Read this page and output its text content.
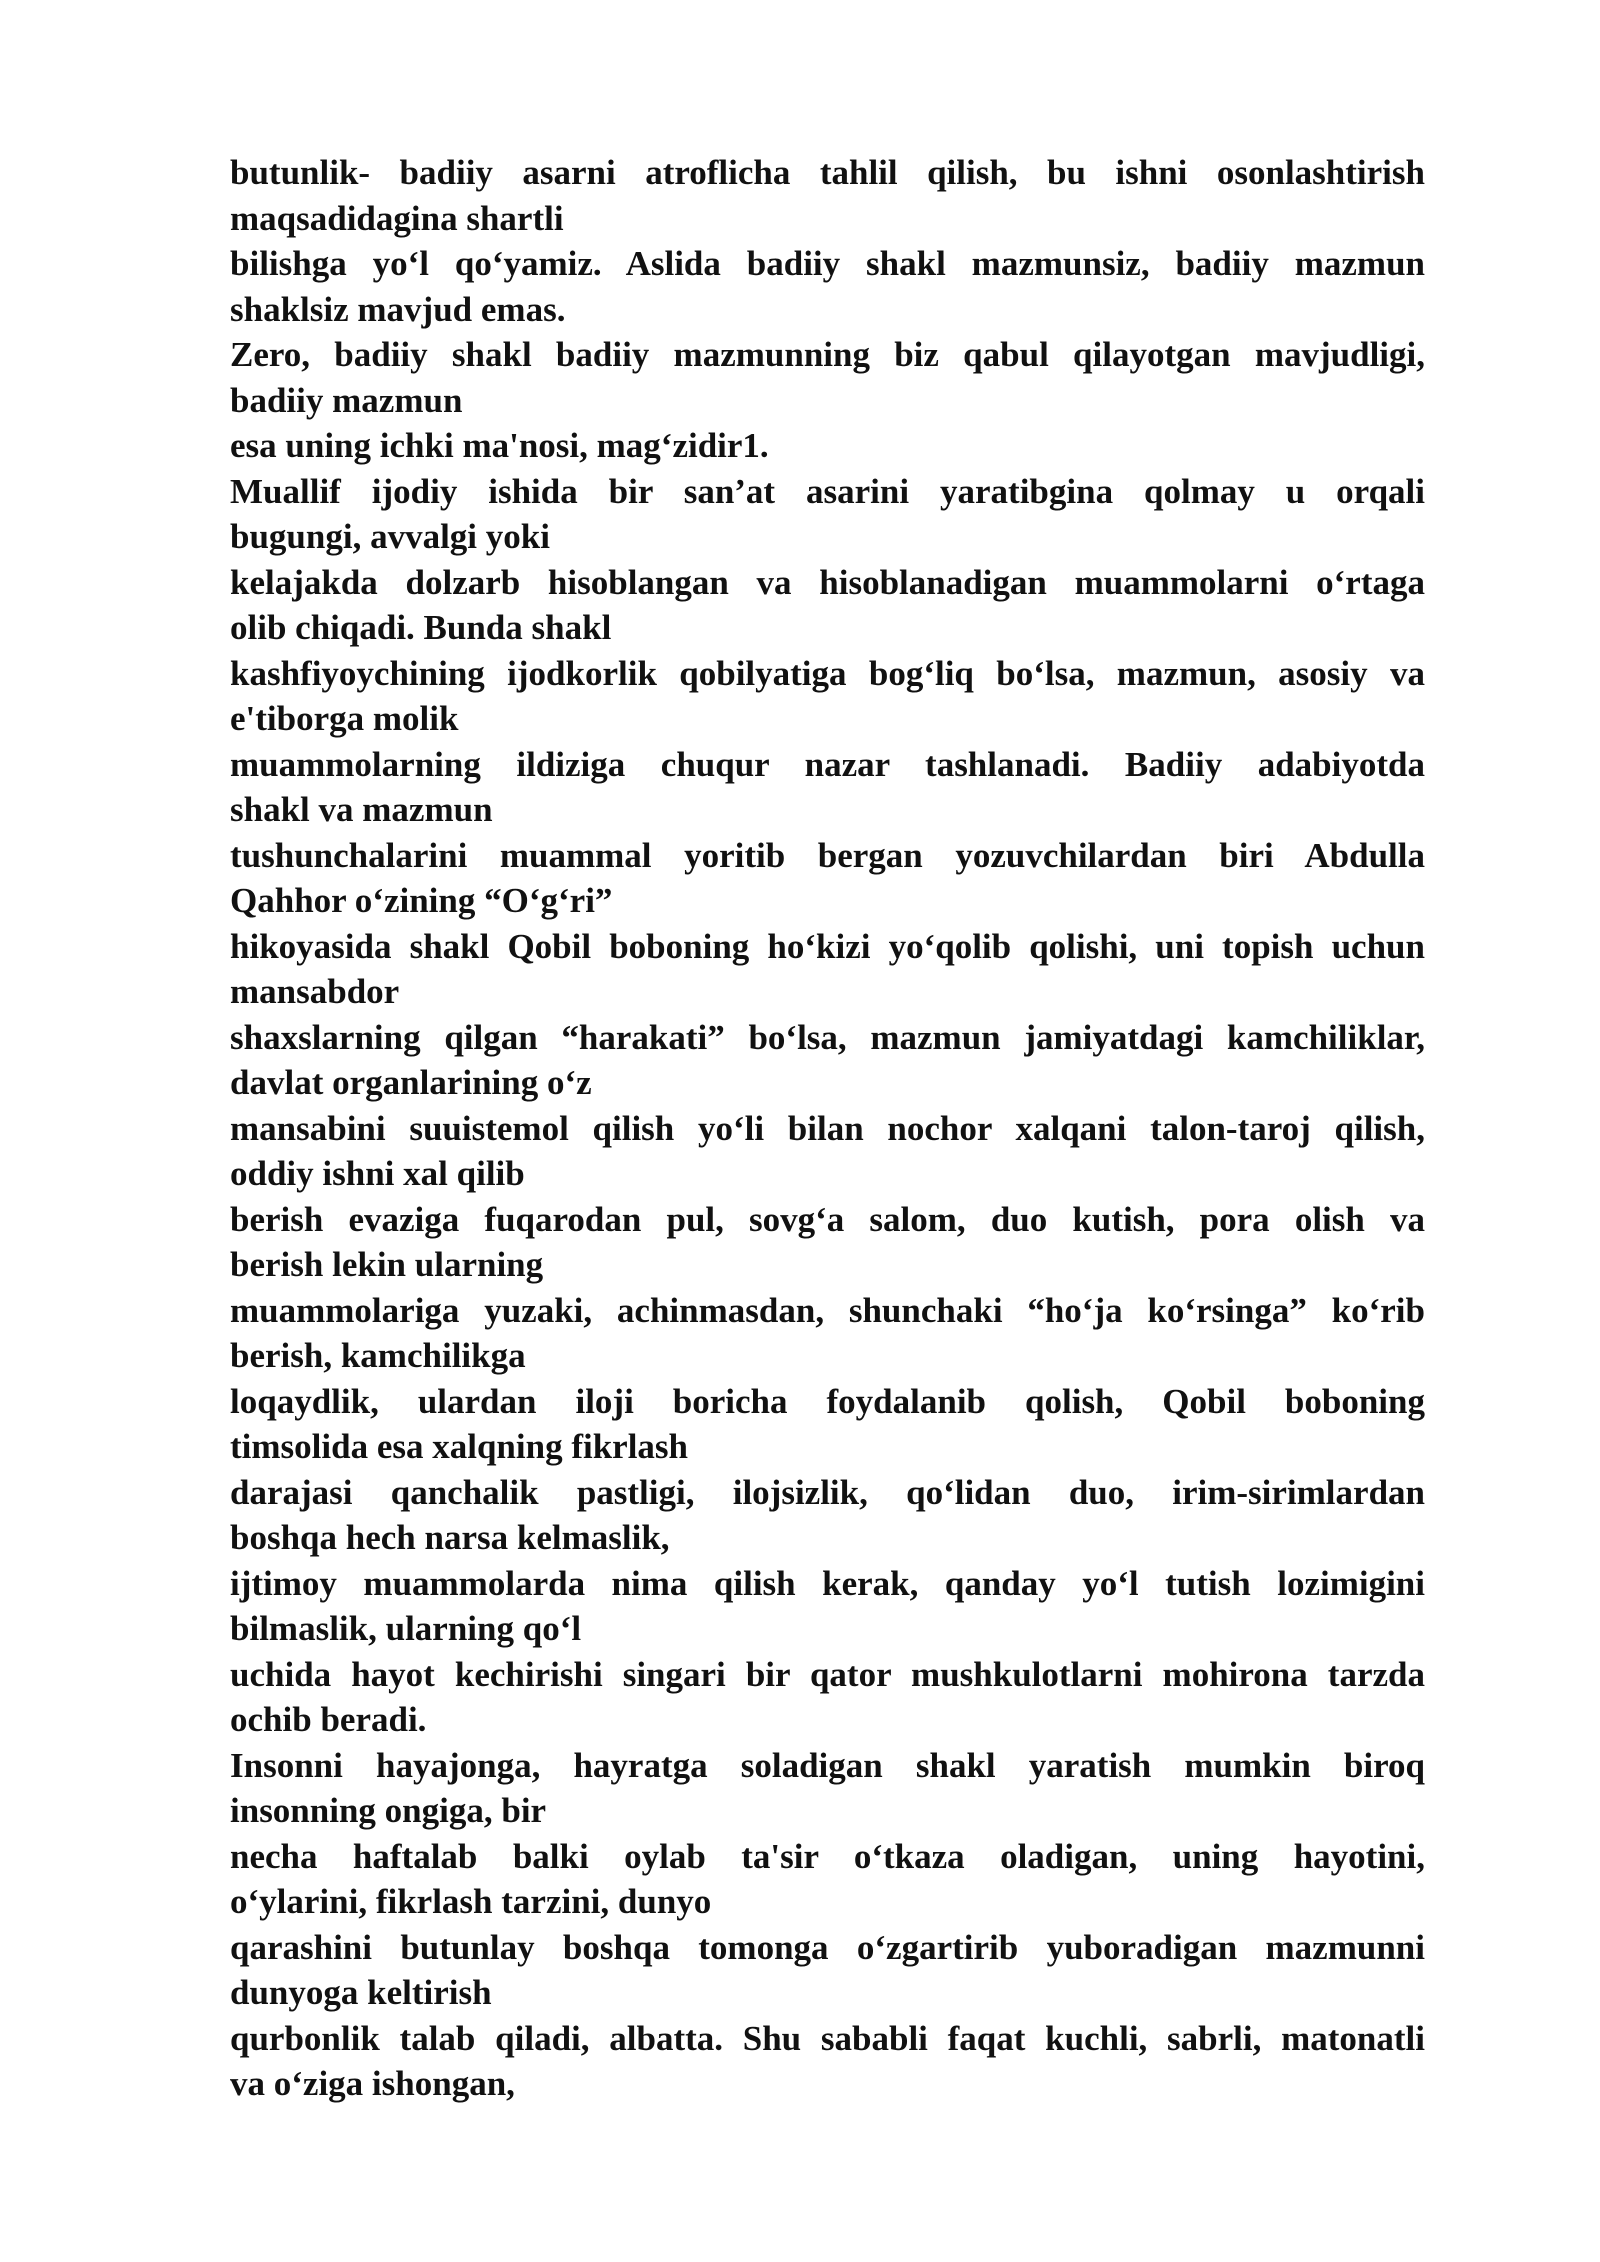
butunlik- badiiy asarni atroflicha tahlil qilish, bu ishni osonlashtirish
maqsadidagina shartli
bilishga yo‘l qo‘yamiz. Aslida badiiy shakl mazmunsiz, badiiy mazmun
shaklsiz mavjud emas.
Zero, badiiy shakl badiiy mazmunning biz qabul qilayotgan mavjudligi,
badiiy mazmun
esa uning ichki ma'nosi, mag‘zidir1.
Muallif ijodiy ishida bir san’at asarini yaratibgina qolmay u orqali
bugungi, avvalgi yoki
kelajakda dolzarb hisoblangan va hisoblanadigan muammolarni o‘rtaga
olib chiqadi. Bunda shakl
kashfiyoychining ijodkorlik qobilyatiga bog‘liq bo‘lsa, mazmun, asosiy va
e'tiborga molik
muammolarning ildiziga chuqur nazar tashlanadi. Badiiy adabiyotda
shakl va mazmun
tushunchalarini muammal yoritib bergan yozuvchilardan biri Abdulla
Qahhor o‘zining “O‘g‘ri”
hikoyasida shakl Qobil boboning ho‘kizi yo‘qolib qolishi, uni topish uchun
mansabdor
shaxslarning qilgan “harakati” bo‘lsa, mazmun jamiyatdagi kamchiliklar,
davlat organlarining o‘z
mansabini suuistemol qilish yo‘li bilan nochor xalqani talon-taroj qilish,
oddiy ishni xal qilib
berish evaziga fuqarodan pul, sovg‘a salom, duo kutish, pora olish va
berish lekin ularning
muammolariga yuzaki, achinmasdan, shunchaki “ho‘ja ko‘rsinga” ko‘rib
berish, kamchilikga
loqaydlik, ulardan iloji boricha foydalanib qolish, Qobil boboning
timsolida esa xalqning fikrlash
darajasi qanchalik pastligi, ilojsizlik, qo‘lidan duo, irim-sirimlardan
boshqa hech narsa kelmaslik,
ijtimoy muammolarda nima qilish kerak, qanday yo‘l tutish lozimigini
bilmaslik, ularning qo‘l
uchida hayot kechirishi singari bir qator mushkulotlarni mohirona tarzda
ochib beradi.
Insonni hayajonga, hayratga soladigan shakl yaratish mumkin biroq
insonning ongiga, bir
necha haftalab balki oylab ta'sir o‘tkaza oladigan, uning hayotini,
o‘ylarini, fikrlash tarzini, dunyo
qarashini butunlay boshqa tomonga o‘zgartirib yuboradigan mazmunni
dunyoga keltirish
qurbonlik talab qiladi, albatta. Shu sababli faqat kuchli, sabrli, matonatli
va o‘ziga ishongan,
